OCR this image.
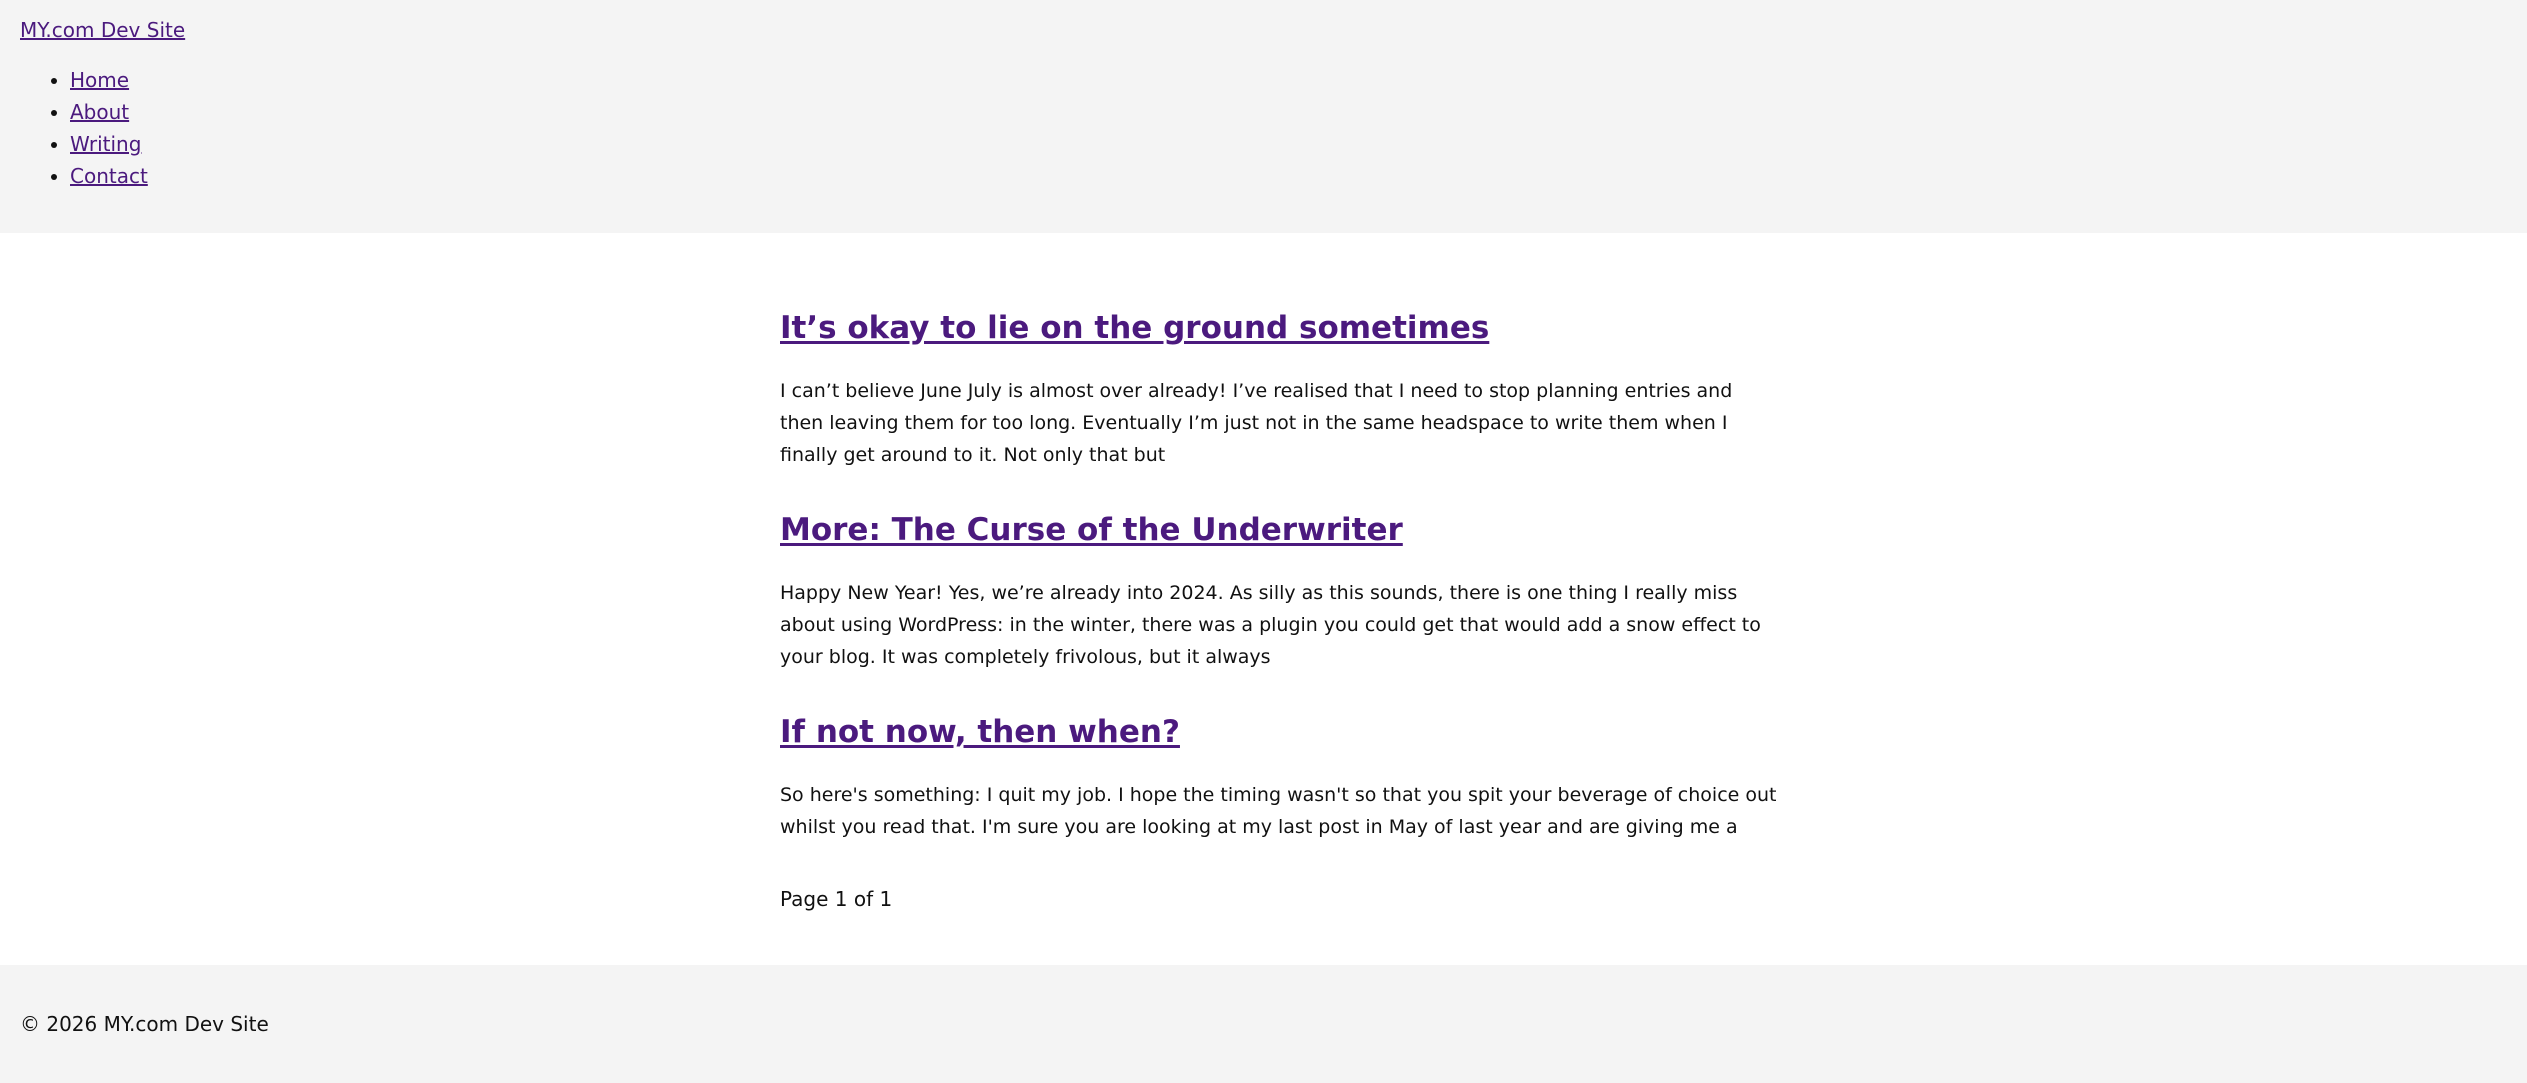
MY.com Dev Site
• Home
• About
• Writing
• Contact
It’s okay to lie on the ground sometimes

I can’t believe June July is almost over already! I’ve realised that I need to stop planning entries and then leaving them for too long. Eventually I’m just not in the same headspace to write them when I finally get around to it. Not only that but

More: The Curse of the Underwriter

Happy New Year! Yes, we’re already into 2024. As silly as this sounds, there is one thing I really miss about using WordPress: in the winter, there was a plugin you could get that would add a snow effect to your blog. It was completely frivolous, but it always

If not now, then when?

So here's something: I quit my job. I hope the timing wasn't so that you spit your beverage of choice out whilst you read that. I'm sure you are looking at my last post in May of last year and are giving me a

Page 1 of 1
© 2026 MY.com Dev Site
